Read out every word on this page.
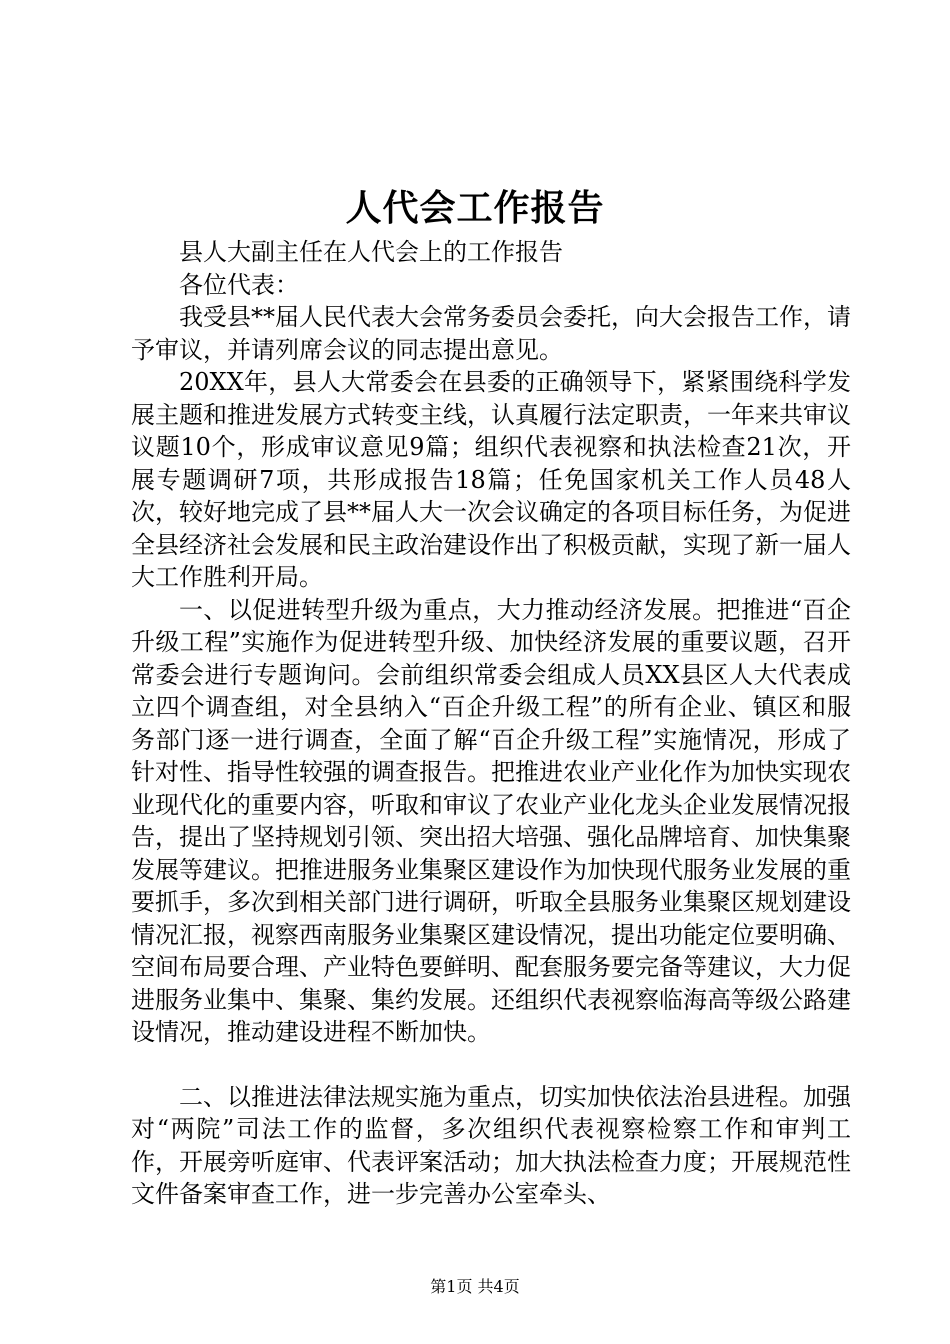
人代会工作报告

县人大副主任在人代会上的工作报告

各位代表：

我受县**届人民代表大会常务委员会委托，向大会报告工作，请予审议，并请列席会议的同志提出意见。

20XX年，县人大常委会在县委的正确领导下，紧紧围绕科学发展主题和推进发展方式转变主线，认真履行法定职责，一年来共审议议题10个，形成审议意见9篇；组织代表视察和执法检查21次，开展专题调研7项，共形成报告18篇；任免国家机关工作人员48人次，较好地完成了县**届人大一次会议确定的各项目标任务，为促进全县经济社会发展和民主政治建设作出了积极贡献，实现了新一届人大工作胜利开局。

一、以促进转型升级为重点，大力推动经济发展。把推进“百企升级工程”实施作为促进转型升级、加快经济发展的重要议题，召开常委会进行专题询问。会前组织常委会组成人员XX县区人大代表成立四个调查组，对全县纳入“百企升级工程”的所有企业、镇区和服务部门逐一进行调查，全面了解“百企升级工程”实施情况，形成了针对性、指导性较强的调查报告。把推进农业产业化作为加快实现农业现代化的重要内容，听取和审议了农业产业化龙头企业发展情况报告，提出了坚持规划引领、突出招大培强、强化品牌培育、加快集聚发展等建议。把推进服务业集聚区建设作为加快现代服务业发展的重要抓手，多次到相关部门进行调研，听取全县服务业集聚区规划建设情况汇报，视察西南服务业集聚区建设情况，提出功能定位要明确、空间布局要合理、产业特色要鲜明、配套服务要完备等建议，大力促进服务业集中、集聚、集约发展。还组织代表视察临海高等级公路建设情况，推动建设进程不断加快。

二、以推进法律法规实施为重点，切实加快依法治县进程。加强对“两院”司法工作的监督，多次组织代表视察检察工作和审判工作，开展旁听庭审、代表评案活动；加大执法检查力度；开展规范性文件备案审查工作，进一步完善办公室牵头、

第1页 共4页
